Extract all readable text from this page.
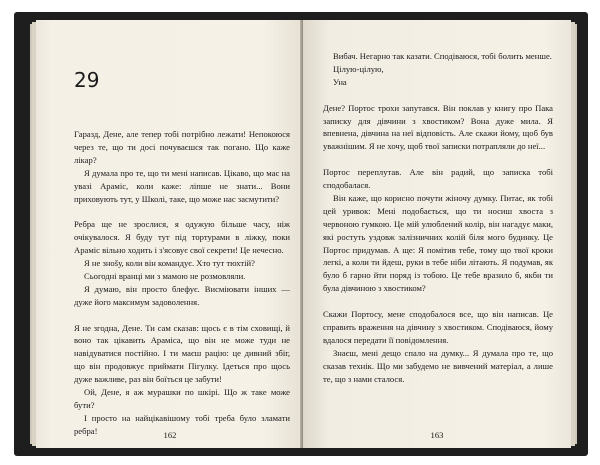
29

Гаразд, Дене, але тепер тобі потрібно лежати! Непокоюся через те, що ти досі почуваєшся так погано. Що каже лікар?

Я думала про те, що ти мені написав. Цікаво, що мас на увазі Араміс, коли каже: ліпше не знати... Вони приховують тут, у Школі, таке, що може нас засмутити?

Ребра ще не зрослися, я одужую більше часу, ніж очікувалося. Я буду тут під тортурами в ліжку, поки Араміс вільно ходить і з'ясовує свої секрети! Це нечесно.

Я не знošу, коли він командує. Хто тут тюхтій?

Сьогодні вранці ми з мамою не розмовляли.

Я думаю, він просто блефує. Висміювати інших — дуже його максимум задоволення.

Я не згодна, Дене. Ти сам сказав: щось є в тім сховищі, й воно так цікавить Араміса, що він не може туди не навідуватися постійно. І ти маєш рацію: це дивний збіг, що він продовжує приймати Пігулку. Ідеться про щось дуже важливе, раз він боїться це забути!

Ой, Дене, я аж мурашки по шкірі. Що ж таке може бути?

І просто на найцікавішому тобі треба було зламати ребра!	162

Вибач. Негарно так казати. Сподіваюся, тобі болить менше.

Цілую-цілую,

Уна

Дене? Портос трохи запутався. Він поклав у книгу про Пака записку для дівчини з хвостиком? Вона дуже мила. Я впевнена, дівчина на неї відповість. Але скажи йому, щоб був уважнішим. Я не хочу, щоб твої записки потрапляли до неї...

Портос переплутав. Але він радий, що записка тобі сподобалася.

Він каже, що корисно почути жіночу думку. Питає, як тобі цей уривок: Мені подобається, що ти носиш хвоста з червоною гумкою. Це мій улюблений колір, він нагадує маки, які ростуть уздовж залізничних колій біля мого будинку. Це Портос придумав. А ще: Я помітив тебе, тому що твої кроки легкі, а коли ти йдеш, руки в тебе ніби літають. Я подумав, як було б гарно йти поряд із тобою. Це тебе вразило б, якби ти була дівчиною з хвостиком?

Скажи Портосу, мене сподобалося все, що він написав. Це справить враження на дівчину з хвостиком. Сподіваюся, йому вдалося передати її повідомлення.

Знаєш, мені дещо спало на думку... Я думала про те, що сказав технік. Що ми забудемо не вивчений матеріал, а лише те, що з нами сталося.

163
